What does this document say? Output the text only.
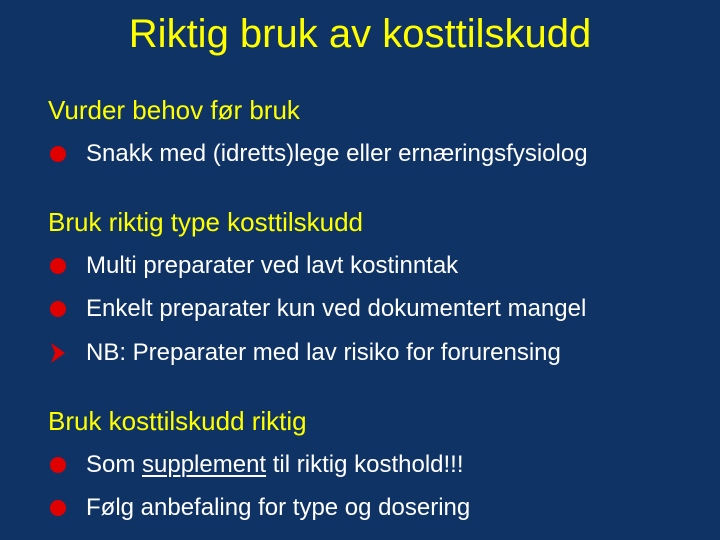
Riktig bruk av kosttilskudd
Vurder behov før bruk
Snakk med (idretts)lege eller ernæringsfysiolog
Bruk riktig type kosttilskudd
Multi preparater ved lavt kostinntak
Enkelt preparater kun ved dokumentert mangel
NB: Preparater med lav risiko for forurensing
Bruk kosttilskudd riktig
Som supplement til riktig kosthold!!!
Følg anbefaling for type og dosering
